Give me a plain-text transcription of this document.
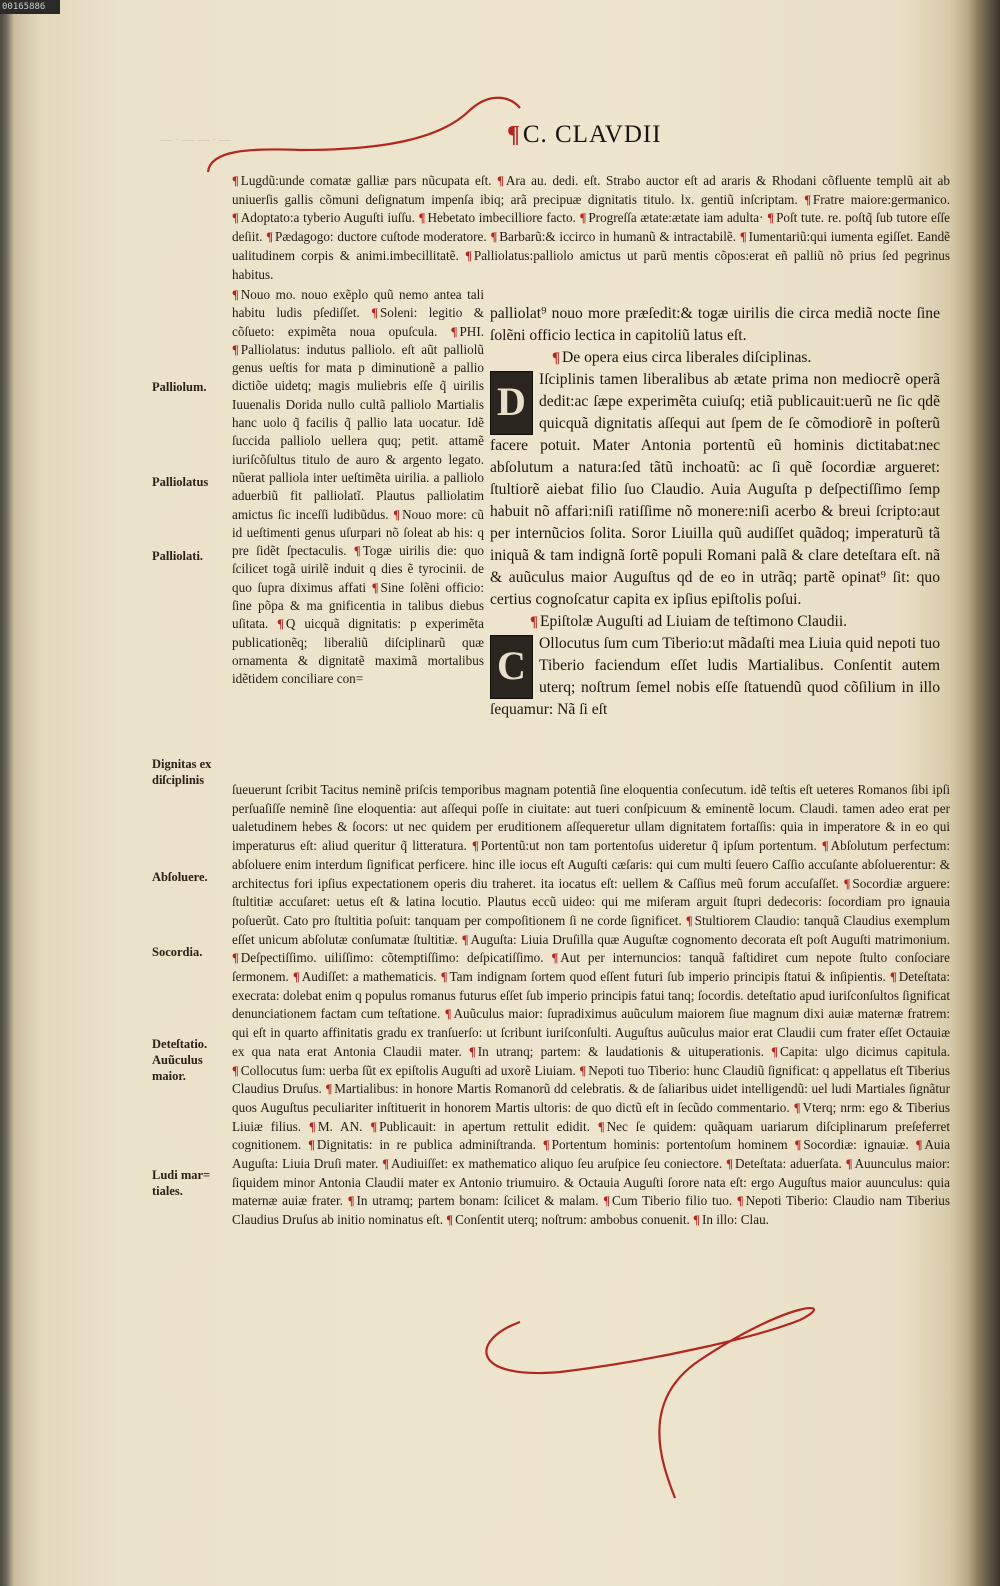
00165886
—·——·—	¶C. CLAVDII

¶ Lugdũ:unde comatæ galliæ pars nũcupata eſt. ¶ Ara au. dedi. eſt. Strabo auctor eſt ad araris & Rhodani cõfluente templũ ait ab uniuerſis gallis cõmuni deſignatum impenſa ibiq; arã precipuæ dignitatis titulo. lx. gentiũ inſcriptam. ¶ Fratre maiore:germanico. ¶ Adoptato:a tyberio Auguſti iuſſu. ¶ Hebetato imbecilliore facto. ¶ Progreſſa ætate:ætate iam adulta· ¶ Poſt tute. re. poſtq̃ ſub tutore eſſe deſiit. ¶ Pædagogo: ductore cuſtode moderatore. ¶ Barbarũ:& iccirco in humanũ & intractabilẽ. ¶ Iumentariũ:qui iumenta egiſſet. Eandẽ ualitudinem corpis & animi.imbecillitatẽ. ¶ Palliolatus:palliolo amictus ut parũ mentis cõpos:erat eñ palliũ nõ prius ſed pegrinus habitus.

¶ Nouo mo. nouo exẽplo quũ nemo antea tali habitu ludis pſediſſet. ¶ Soleni: legitio & cõſueto: expimẽta noua opuſcula. ¶ PHI. ¶ Palliolatus: indutus palliolo. eſt aũt palliolũ genus ueſtis for mata p diminutionẽ a pallio dictiõe uidetq; magis muliebris eſſe q̃ uirilis Iuuenalis Dorida nullo cultã palliolo Martialis hanc uolo q̃ facilis q̃ pallio lata uocatur. Idẽ ſuccida palliolo uellera quq; petit. attamẽ iuriſcõſultus titulo de auro & argento legato. nũerat palliola inter ueſtimẽta uirilia. a palliolo aduerbiũ fit palliolatĩ. Plautus palliolatim amictus ſic inceſſi ludibũdus. ¶ Nouo more: cũ id ueſtimenti genus uſurpari nõ ſoleat ab his: q pre ſidẽt ſpectaculis. ¶ Togæ uirilis die: quo ſcilicet togã uirilẽ induit q dies ẽ tyrocinii. de quo ſupra diximus affati ¶ Sine ſolẽni officio: ſine põpa & ma gnificentia in talibus diebus uſitata. ¶ Q uicquã dignitatis: p experimẽta publicationẽq; liberaliũ diſciplinarũ quæ ornamenta & dignitatẽ maximã mortalibus idẽtidem conciliare con=

palliolat⁹ nouo more præſedit:& togæ uirilis die circa mediã nocte ſine ſolẽni officio lectica in capitoliũ latus eſt.

¶ De opera eius circa liberales diſciplinas.

D Iſciplinis tamen liberalibus ab ætate prima non mediocrẽ operã dedit:ac ſæpe experimẽta cuiuſq; etiã publicauit:uerũ ne ſic qdẽ quicquã dignitatis aſſequi aut ſpem de ſe cõmodiorẽ in poſterũ facere potuit. Mater Antonia portentũ eũ hominis dictitabat:nec abſolutum a natura:ſed tãtũ inchoatũ: ac ſi quẽ ſocordiæ argueret: ſtultiorẽ aiebat filio ſuo Claudio. Auia Auguſta p deſpectiſſimo ſemp habuit nõ affari:niſi ratiſſime nõ monere:niſi acerbo & breui ſcripto:aut per internũcios ſolita. Soror Liuilla quũ audiſſet quãdoq; imperaturũ tã iniquã & tam indignã ſortẽ populi Romani palã & clare deteſtara eſt. nã & auũculus maior Auguſtus qd de eo in utrãq; partẽ opinat⁹ ſit: quo certius cognoſcatur capita ex ipſius epiſtolis poſui.

¶ Epiſtolæ Auguſti ad Liuiam de teſtimono Claudii.

C Ollocutus ſum cum Tiberio:ut mãdaſti mea Liuia quid nepoti tuo Tiberio faciendum eſſet ludis Martialibus. Conſentit autem uterq; noſtrum ſemel nobis eſſe ſtatuendũ quod cõſilium in illo ſequamur: Nã ſi eſt

ſueuerunt ſcribit Tacitus neminẽ priſcis temporibus magnam potentiã ſine eloquentia conſecutum. idẽ teſtis eſt ueteres Romanos ſibi ipſi perſuaſiſſe neminẽ ſine eloquentia: aut aſſequi poſſe in ciuitate: aut tueri conſpicuum & eminentẽ locum. Claudi. tamen adeo erat per ualetudinem hebes & ſocors: ut nec quidem per eruditionem aſſequeretur ullam dignitatem fortaſſis: quia in imperatore & in eo qui imperaturus eſt: aliud queritur q̃ litteratura. ¶ Portentũ:ut non tam portentoſus uideretur q̃ ipſum portentum. ¶ Abſolutum perfectum: abſoluere enim interdum ſignificat perficere. hinc ille iocus eſt Auguſti cæſaris: qui cum multi ſeuero Caſſio accuſante abſoluerentur: & architectus fori ipſius expectationem operis diu traheret. ita iocatus eſt: uellem & Caſſius meũ forum accuſaſſet. ¶ Socordiæ arguere: ſtultitiæ accuſaret: uetus eſt & latina locutio. Plautus eccũ uideo: qui me miſeram arguit ſtupri dedecoris: ſocordiam pro ignauia poſuerũt. Cato pro ſtultitia poſuit: tanquam per compoſitionem ſi ne corde ſignificet. ¶ Stultiorem Claudio: tanquã Claudius exemplum eſſet unicum abſolutæ conſumatæ ſtultitiæ. ¶ Auguſta: Liuia Druſilla quæ Auguſtæ cognomento decorata eſt poſt Auguſti matrimonium. ¶ Deſpectiſſimo. uiliſſimo: cõtemptiſſimo: deſpicatiſſimo. ¶ Aut per internuncios: tanquã faſtidiret cum nepote ſtulto conſociare ſermonem. ¶ Audiſſet: a mathematicis. ¶ Tam indignam ſortem quod eſſent futuri ſub imperio principis ſtatui & inſipientis. ¶ Deteſtata: execrata: dolebat enim q populus romanus futurus eſſet ſub imperio principis fatui tanq; ſocordis. deteſtatio apud iuriſconſultos ſignificat denunciationem factam cum teſtatione. ¶ Auũculus maior: ſupradiximus auũculum maiorem ſiue magnum dixi auiæ maternæ fratrem: qui eſt in quarto affinitatis gradu ex tranſuerſo: ut ſcribunt iuriſconſulti. Auguſtus auũculus maior erat Claudii cum frater eſſet Octauiæ ex qua nata erat Antonia Claudii mater. ¶ In utranq; partem: & laudationis & uituperationis. ¶ Capita: ulgo dicimus capitula. ¶ Collocutus ſum: uerba ſũt ex epiſtolis Auguſti ad uxorẽ Liuiam. ¶ Nepoti tuo Tiberio: hunc Claudiũ ſignificat: q appellatus eſt Tiberius Claudius Druſus. ¶ Martialibus: in honore Martis Romanorũ dd celebratis. & de ſaliaribus uidet intelligendũ: uel ludi Martiales ſignãtur quos Auguſtus peculiariter inſtituerit in honorem Martis ultoris: de quo dictũ eſt in ſecũdo commentario. ¶ Vterq; nrm: ego & Tiberius Liuiæ filius. ¶ M. AN. ¶ Publicauit: in apertum rettulit edidit. ¶ Nec ſe quidem: quãquam uariarum diſciplinarum preſeferret cognitionem. ¶ Dignitatis: in re publica adminiſtranda. ¶ Portentum hominis: portentoſum hominem ¶ Socordiæ: ignauiæ. ¶ Auia Auguſta: Liuia Druſi mater. ¶ Audiuiſſet: ex mathematico aliquo ſeu aruſpice ſeu coniectore. ¶ Deteſtata: aduerſata. ¶ Auunculus maior: ſiquidem minor Antonia Claudii mater ex Antonio triumuiro. & Octauia Auguſti ſorore nata eſt: ergo Auguſtus maior auunculus: quia maternæ auiæ frater. ¶ In utramq; partem bonam: ſcilicet & malam. ¶ Cum Tiberio filio tuo. ¶ Nepoti Tiberio: Claudio nam Tiberius Claudius Druſus ab initio nominatus eſt. ¶ Conſentit uterq; noſtrum: ambobus conuenit. ¶ In illo: Clau.

Palliolum.
Palliolatus
Palliolati.
Dignitas ex diſciplinis
Abſoluere.
Socordia.
Deteſtatio. Auũculus maior.
Ludi mar= tiales.
